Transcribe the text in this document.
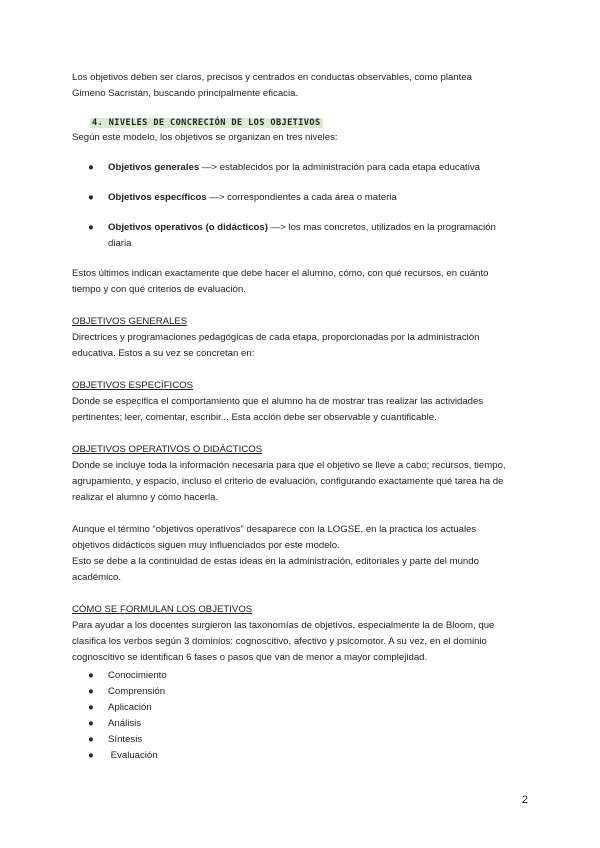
Los objetivos deben ser claros, precisos y centrados en conductas observables, como plantea

Gimeno Sacristán, buscando principalmente eficacia.

4. NIVELES DE CONCRECIÓN DE LOS OBJETIVOS

Según este modelo, los objetivos se organizan en tres niveles:

● Objetivos generales —> establecidos por la administración para cada etapa educativa
● Objetivos específicos —> correspondientes a cada área o materia
● Objetivos operativos (o didácticos) —> los mas concretos, utilizados en la programación
diaria

Estos últimos indican exactamente que debe hacer el alumno, cómo, con qué recursos, en cuánto

tiempo y con qué criterios de evaluación.

OBJETIVOS GENERALES

Directrices y programaciones pedagógicas de cada etapa, proporcionadas por la administración

educativa. Estos a su vez se concretan en:

OBJETIVOS ESPECÍFICOS

Donde se especifica el comportamiento que el alumno ha de mostrar tras realizar las actividades

pertinentes; leer, comentar, escribir... Esta acción debe ser observable y cuantificable.

OBJETIVOS OPERATIVOS O DIDÁCTICOS

Donde se incluye toda la información necesaria para que el objetivo se lleve a cabo; recursos, tiempo,

agrupamiento, y espacio, incluso el criterio de evaluación, configurando exactamente qué tarea ha de

realizar el alumno y cómo hacerla.

Aunque el término “objetivos operativos” desaparece con la LOGSE, en la practica los actuales

objetivos didácticos siguen muy influenciados por este modelo.

Esto se debe a la continuidad de estas ideas en la administración, editoriales y parte del mundo

académico.

CÓMO SE FORMULAN LOS OBJETIVOS

Para ayudar a los docentes surgieron las taxonomías de objetivos, especialmente la de Bloom, que

clasifica los verbos según 3 dominios: cognoscitivo, afectivo y psicomotor. A su vez, en el dominio

cognoscitivo se identifican 6 fases o pasos que van de menor a mayor complejidad.

● Conocimiento
● Comprensión
● Aplicación
● Análisis
● Síntesis
● Evaluación
2
